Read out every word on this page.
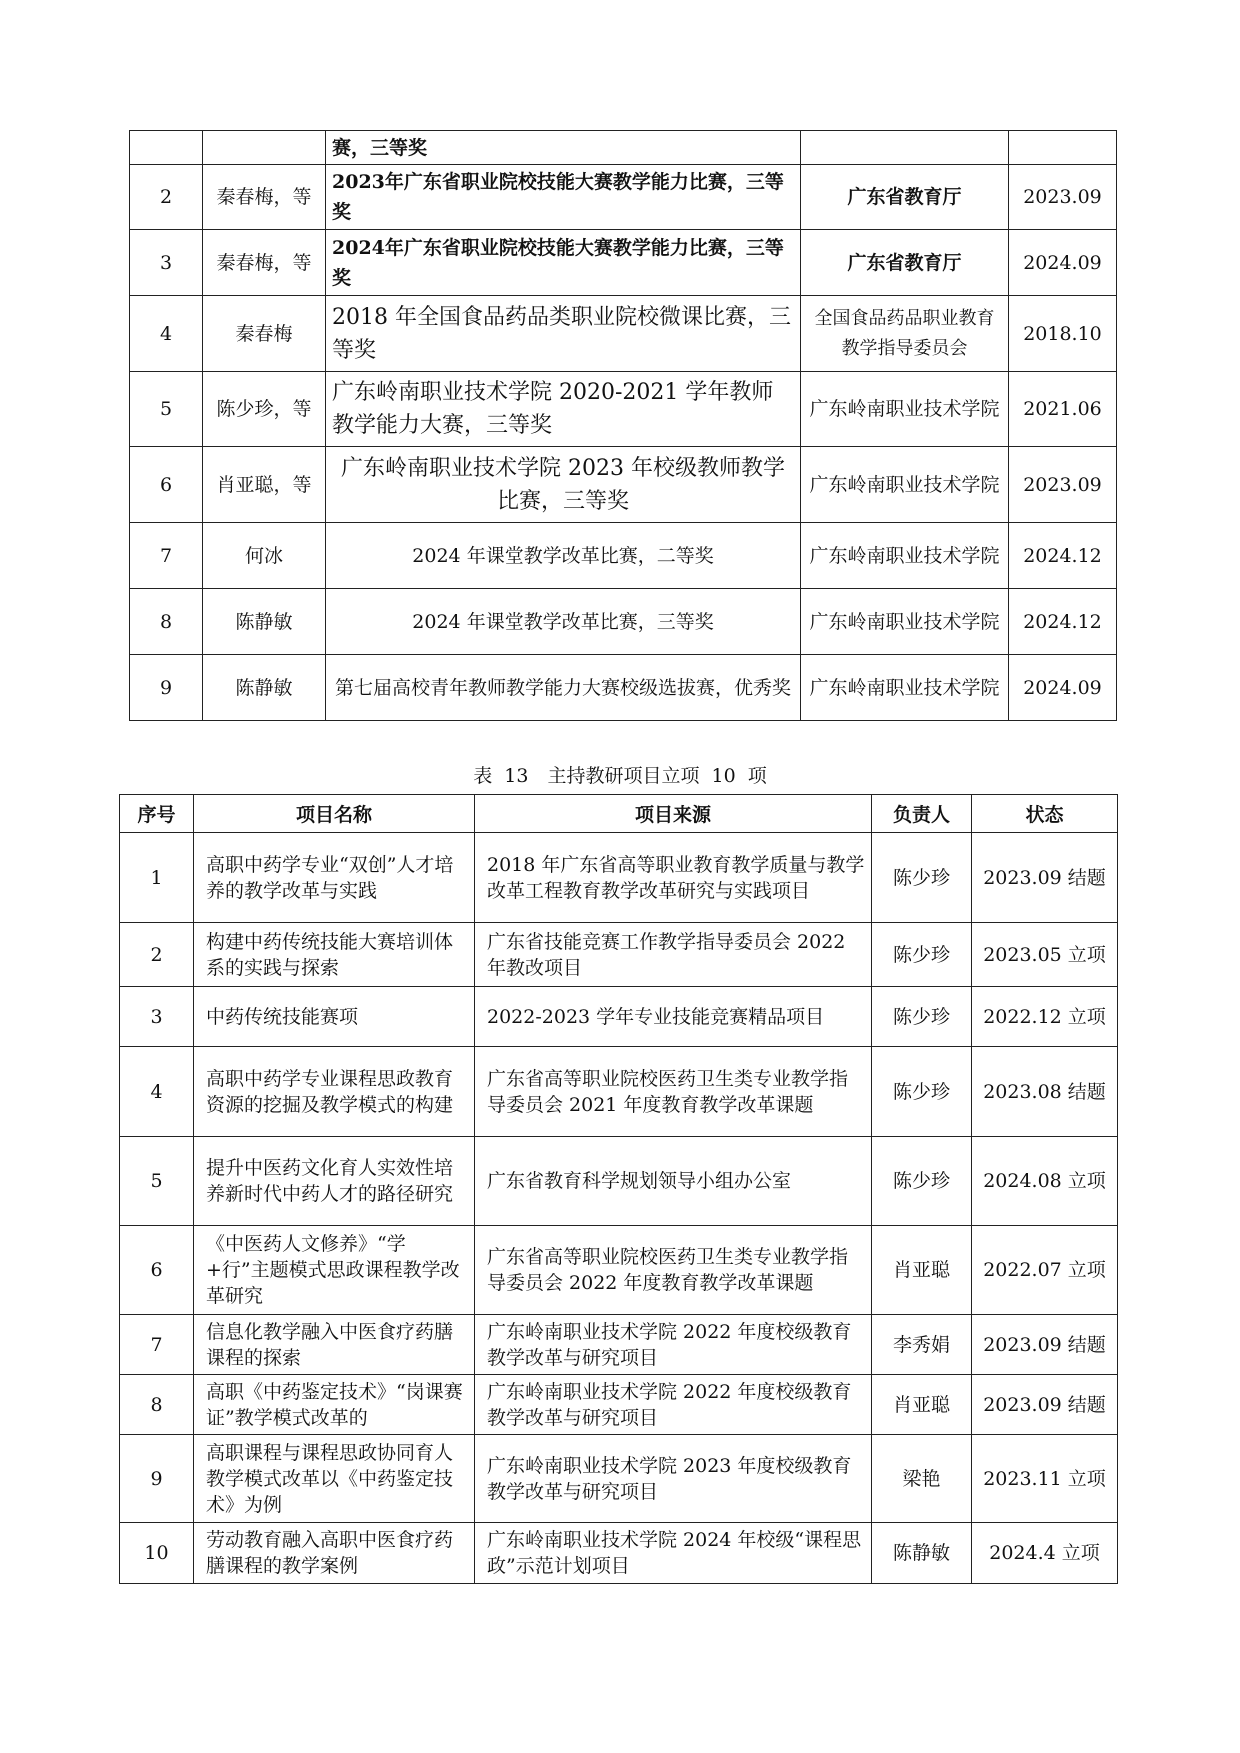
		赛，三等奖		
2	秦春梅，等	2023年广东省职业院校技能大赛教学能力比赛，三等奖	广东省教育厅	2023.09
3	秦春梅，等	2024年广东省职业院校技能大赛教学能力比赛，三等奖	广东省教育厅	2024.09
4	秦春梅	2018 年全国食品药品类职业院校微课比赛，三等奖	全国食品药品职业教育教学指导委员会	2018.10
5	陈少珍，等	广东岭南职业技术学院 2020-2021 学年教师教学能力大赛，三等奖	广东岭南职业技术学院	2021.06
6	肖亚聪，等	广东岭南职业技术学院 2023 年校级教师教学比赛，三等奖	广东岭南职业技术学院	2023.09
7	何冰	2024 年课堂教学改革比赛，二等奖	广东岭南职业技术学院	2024.12
8	陈静敏	2024 年课堂教学改革比赛，三等奖	广东岭南职业技术学院	2024.12
9	陈静敏	第七届高校青年教师教学能力大赛校级选拔赛，优秀奖	广东岭南职业技术学院	2024.09
表 13　主持教研项目立项 10 项
序号	项目名称	项目来源	负责人	状态
1	高职中药学专业“双创”人才培养的教学改革与实践	2018 年广东省高等职业教育教学质量与教学改革工程教育教学改革研究与实践项目	陈少珍	2023.09 结题
2	构建中药传统技能大赛培训体系的实践与探索	广东省技能竞赛工作教学指导委员会 2022 年教改项目	陈少珍	2023.05 立项
3	中药传统技能赛项	2022-2023 学年专业技能竞赛精品项目	陈少珍	2022.12 立项
4	高职中药学专业课程思政教育资源的挖掘及教学模式的构建	广东省高等职业院校医药卫生类专业教学指导委员会 2021 年度教育教学改革课题	陈少珍	2023.08 结题
5	提升中医药文化育人实效性培养新时代中药人才的路径研究	广东省教育科学规划领导小组办公室	陈少珍	2024.08 立项
6	《中医药人文修养》“学+行”主题模式思政课程教学改革研究	广东省高等职业院校医药卫生类专业教学指导委员会 2022 年度教育教学改革课题	肖亚聪	2022.07 立项
7	信息化教学融入中医食疗药膳课程的探索	广东岭南职业技术学院 2022 年度校级教育教学改革与研究项目	李秀娟	2023.09 结题
8	高职《中药鉴定技术》“岗课赛证”教学模式改革的	广东岭南职业技术学院 2022 年度校级教育教学改革与研究项目	肖亚聪	2023.09 结题
9	高职课程与课程思政协同育人教学模式改革以《中药鉴定技术》为例	广东岭南职业技术学院 2023 年度校级教育教学改革与研究项目	梁艳	2023.11 立项
10	劳动教育融入高职中医食疗药膳课程的教学案例	广东岭南职业技术学院 2024 年校级“课程思政”示范计划项目	陈静敏	2024.4 立项
